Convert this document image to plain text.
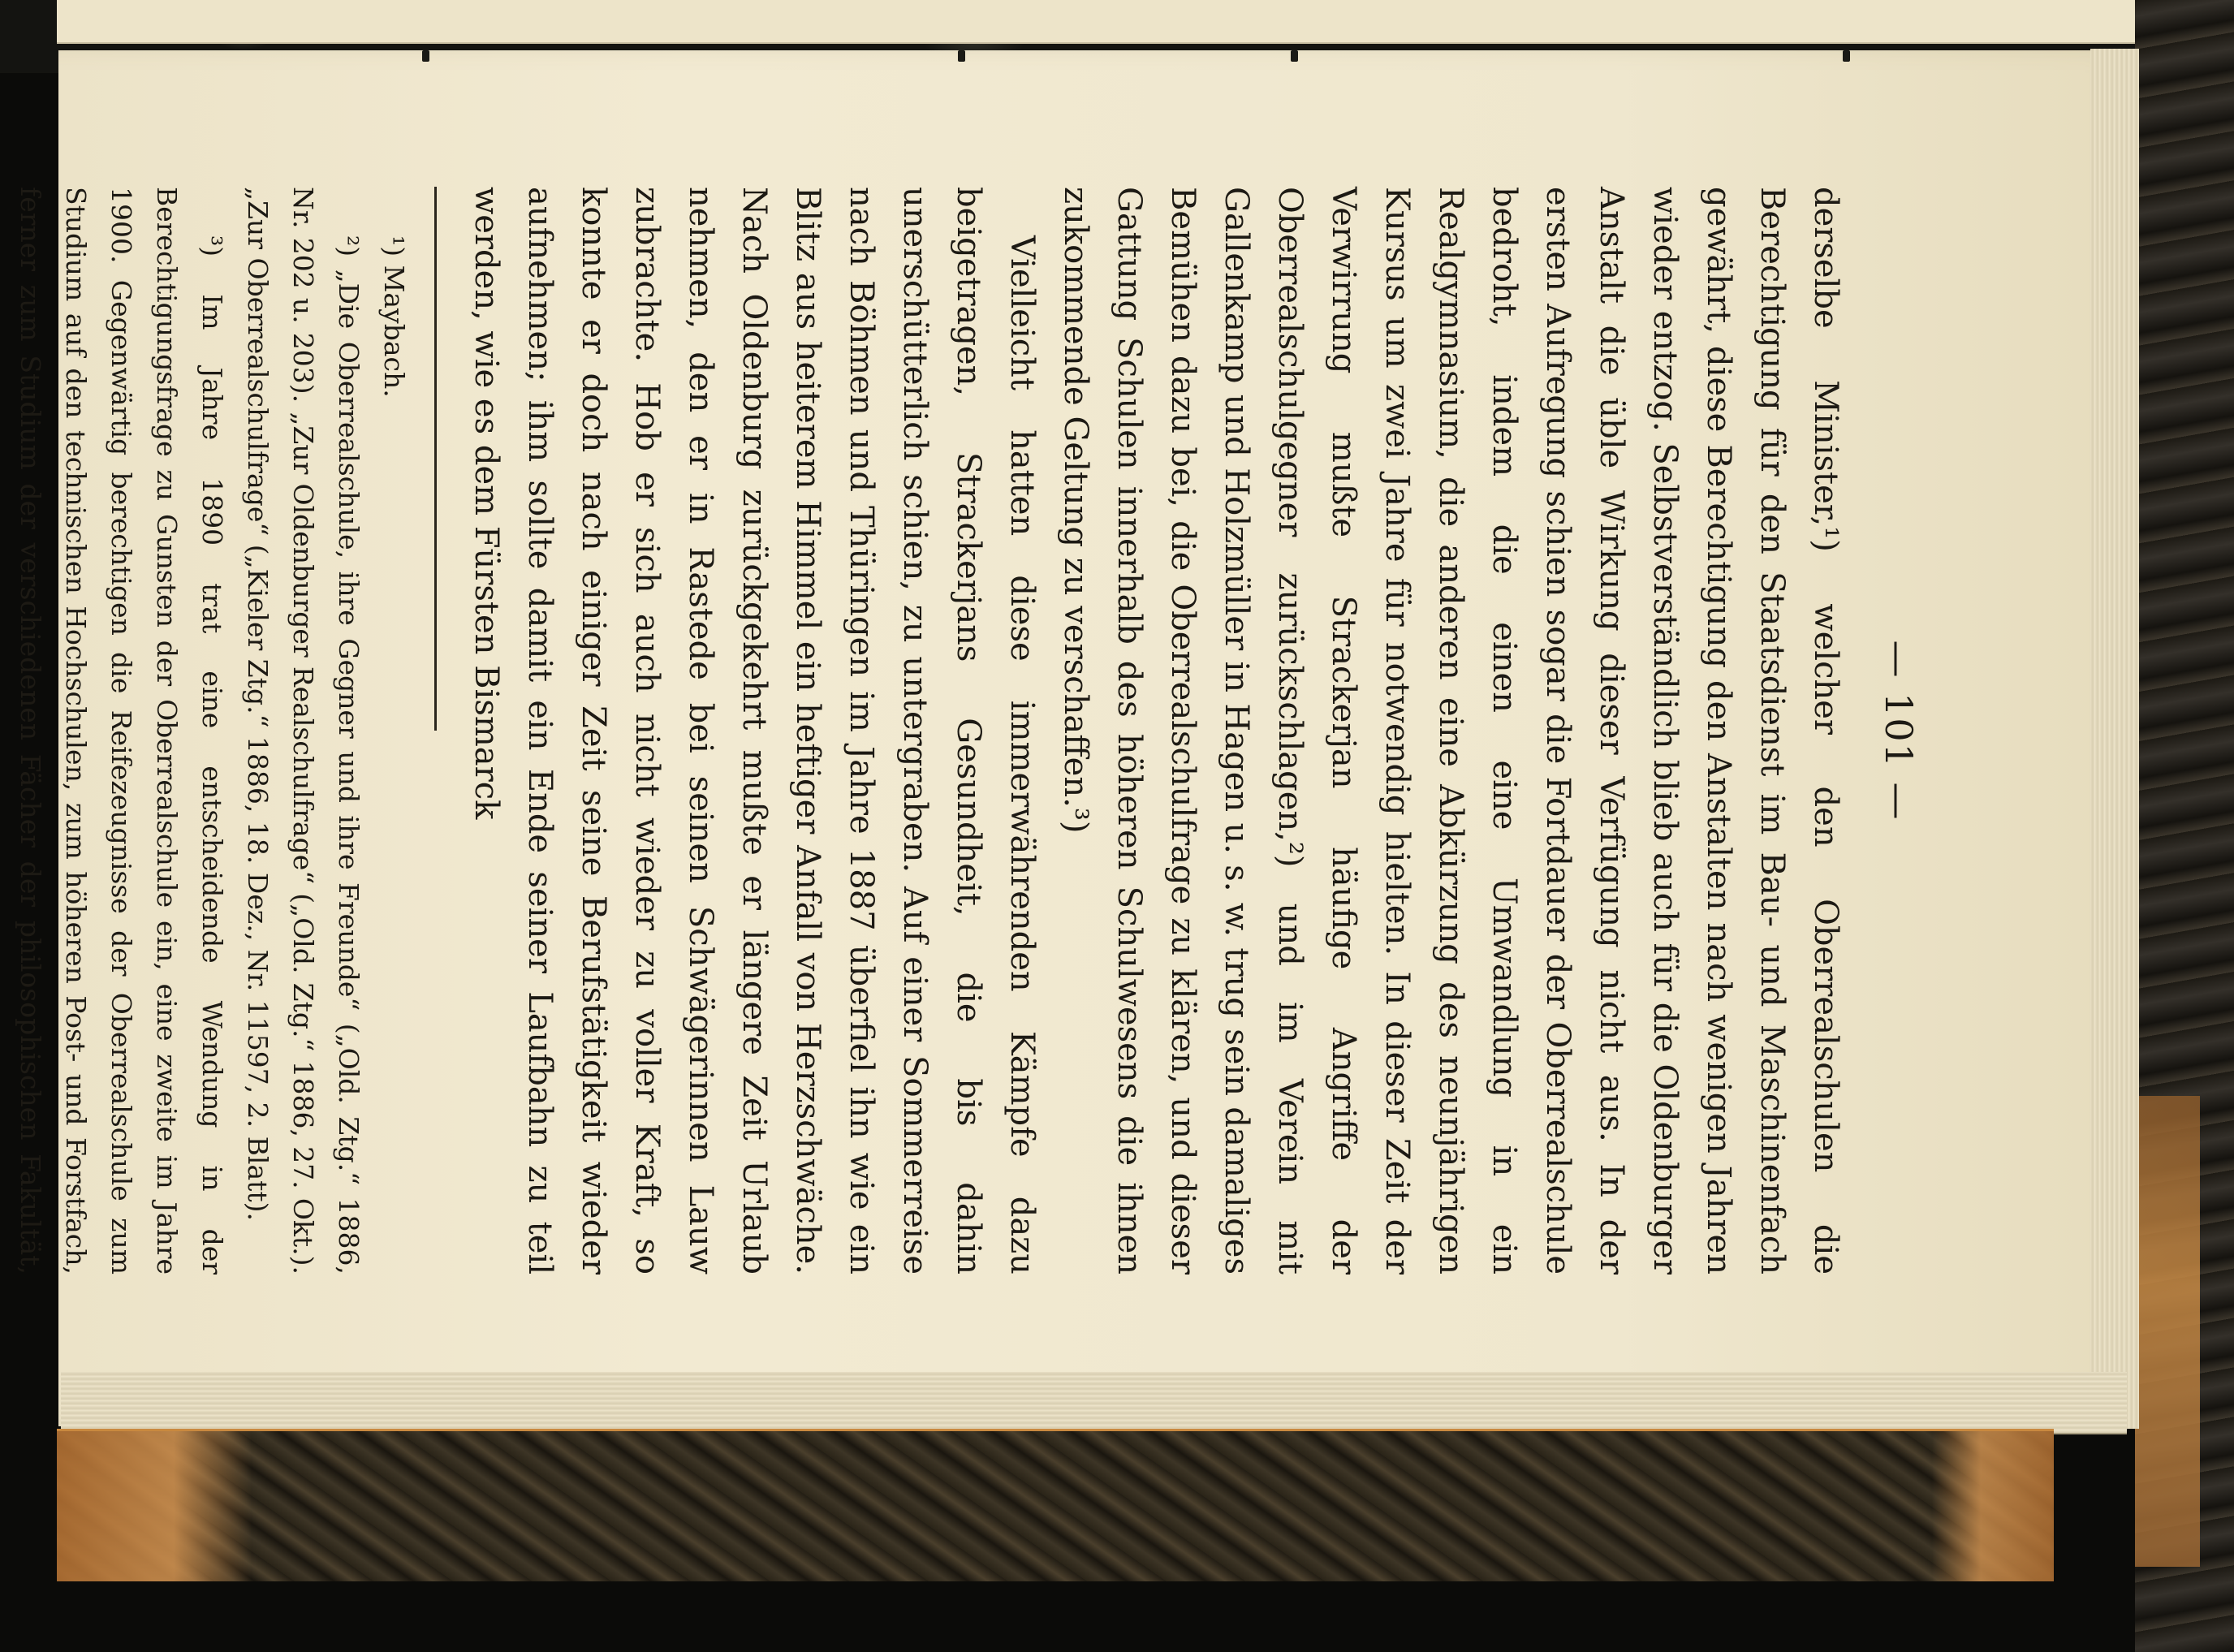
— 101 —

derselbe Minister,¹) welcher den Oberrealschulen die Berechtigung für den Staatsdienst im Bau- und Maschinenfach gewährt, diese Berechtigung den Anstalten nach wenigen Jahren wieder entzog. Selbstverständlich blieb auch für die Oldenburger Anstalt die üble Wirkung dieser Verfügung nicht aus. In der ersten Aufregung schien sogar die Fortdauer der Oberrealschule bedroht, indem die einen eine Umwandlung in ein Realgymnasium, die anderen eine Abkürzung des neunjährigen Kursus um zwei Jahre für notwendig hielten. In dieser Zeit der Verwirrung mußte Strackerjan häufige Angriffe der Oberrealschulgegner zurückschlagen,²) und im Verein mit Gallenkamp und Holzmüller in Hagen u. s. w. trug sein damaliges Bemühen dazu bei, die Oberrealschulfrage zu klären, und dieser Gattung Schulen innerhalb des höheren Schulwesens die ihnen zukommende Geltung zu verschaffen.³)

Vielleicht hatten diese immerwährenden Kämpfe dazu beigetragen, Strackerjans Gesundheit, die bis dahin unerschütterlich schien, zu untergraben. Auf einer Sommerreise nach Böhmen und Thüringen im Jahre 1887 überfiel ihn wie ein Blitz aus heiterem Himmel ein heftiger Anfall von Herzschwäche. Nach Oldenburg zurückgekehrt mußte er längere Zeit Urlaub nehmen, den er in Rastede bei seinen Schwägerinnen Lauw zubrachte. Hob er sich auch nicht wieder zu voller Kraft, so konnte er doch nach einiger Zeit seine Berufstätigkeit wieder aufnehmen; ihm sollte damit ein Ende seiner Laufbahn zu teil werden, wie es dem Fürsten Bismarck

¹) Maybach.

²) „Die Oberrealschule, ihre Gegner und ihre Freunde“ („Old. Ztg.“ 1886, Nr. 202 u. 203). „Zur Oldenburger Realschulfrage“ („Old. Ztg.“ 1886, 27. Okt.). „Zur Oberrealschulfrage“ („Kieler Ztg.“ 1886, 18. Dez., Nr. 11597, 2. Blatt).

³) Im Jahre 1890 trat eine entscheidende Wendung in der Berechtigungsfrage zu Gunsten der Oberrealschule ein, eine zweite im Jahre 1900. Gegenwärtig berechtigen die Reifezeugnisse der Oberrealschule zum Studium auf den technischen Hochschulen, zum höheren Post- und Forstfach, ferner zum Studium der verschiedenen Fächer der philosophischen Fakultät,
